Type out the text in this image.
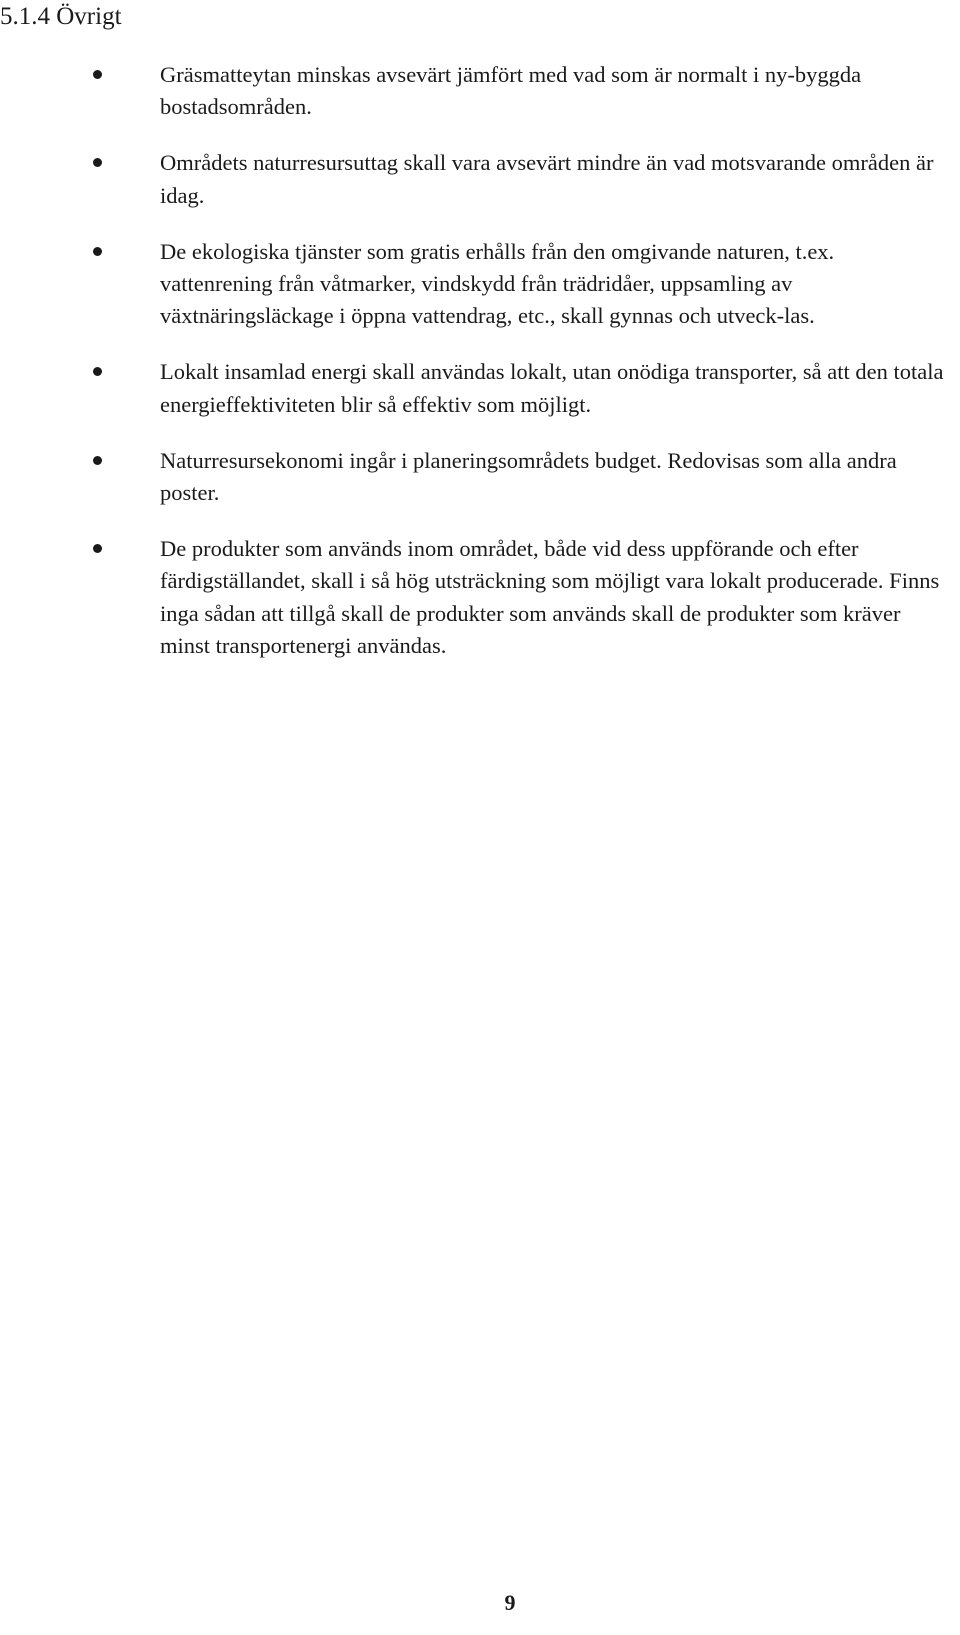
5.1.4 Övrigt
Gräsmatteytan minskas avsevärt jämfört med vad som är normalt i ny-byggda bostadsområden.
Områdets naturresursuttag skall vara avsevärt mindre än vad motsvarande områden är idag.
De ekologiska tjänster som gratis erhålls från den omgivande naturen, t.ex. vattenrening från våtmarker, vindskydd från trädridåer, uppsamling av växtnäringsläckage i öppna vattendrag, etc., skall gynnas och utveck-las.
Lokalt insamlad energi skall användas lokalt, utan onödiga transporter, så att den totala energieffektiviteten blir så effektiv som möjligt.
Naturresursekonomi ingår i planeringsområdets budget. Redovisas som alla andra poster.
De produkter som används inom området, både vid dess uppförande och efter färdigställandet, skall i så hög utsträckning som möjligt vara lokalt producerade. Finns inga sådan att tillgå skall de produkter som används skall de produkter som kräver minst transportenergi användas.
9
